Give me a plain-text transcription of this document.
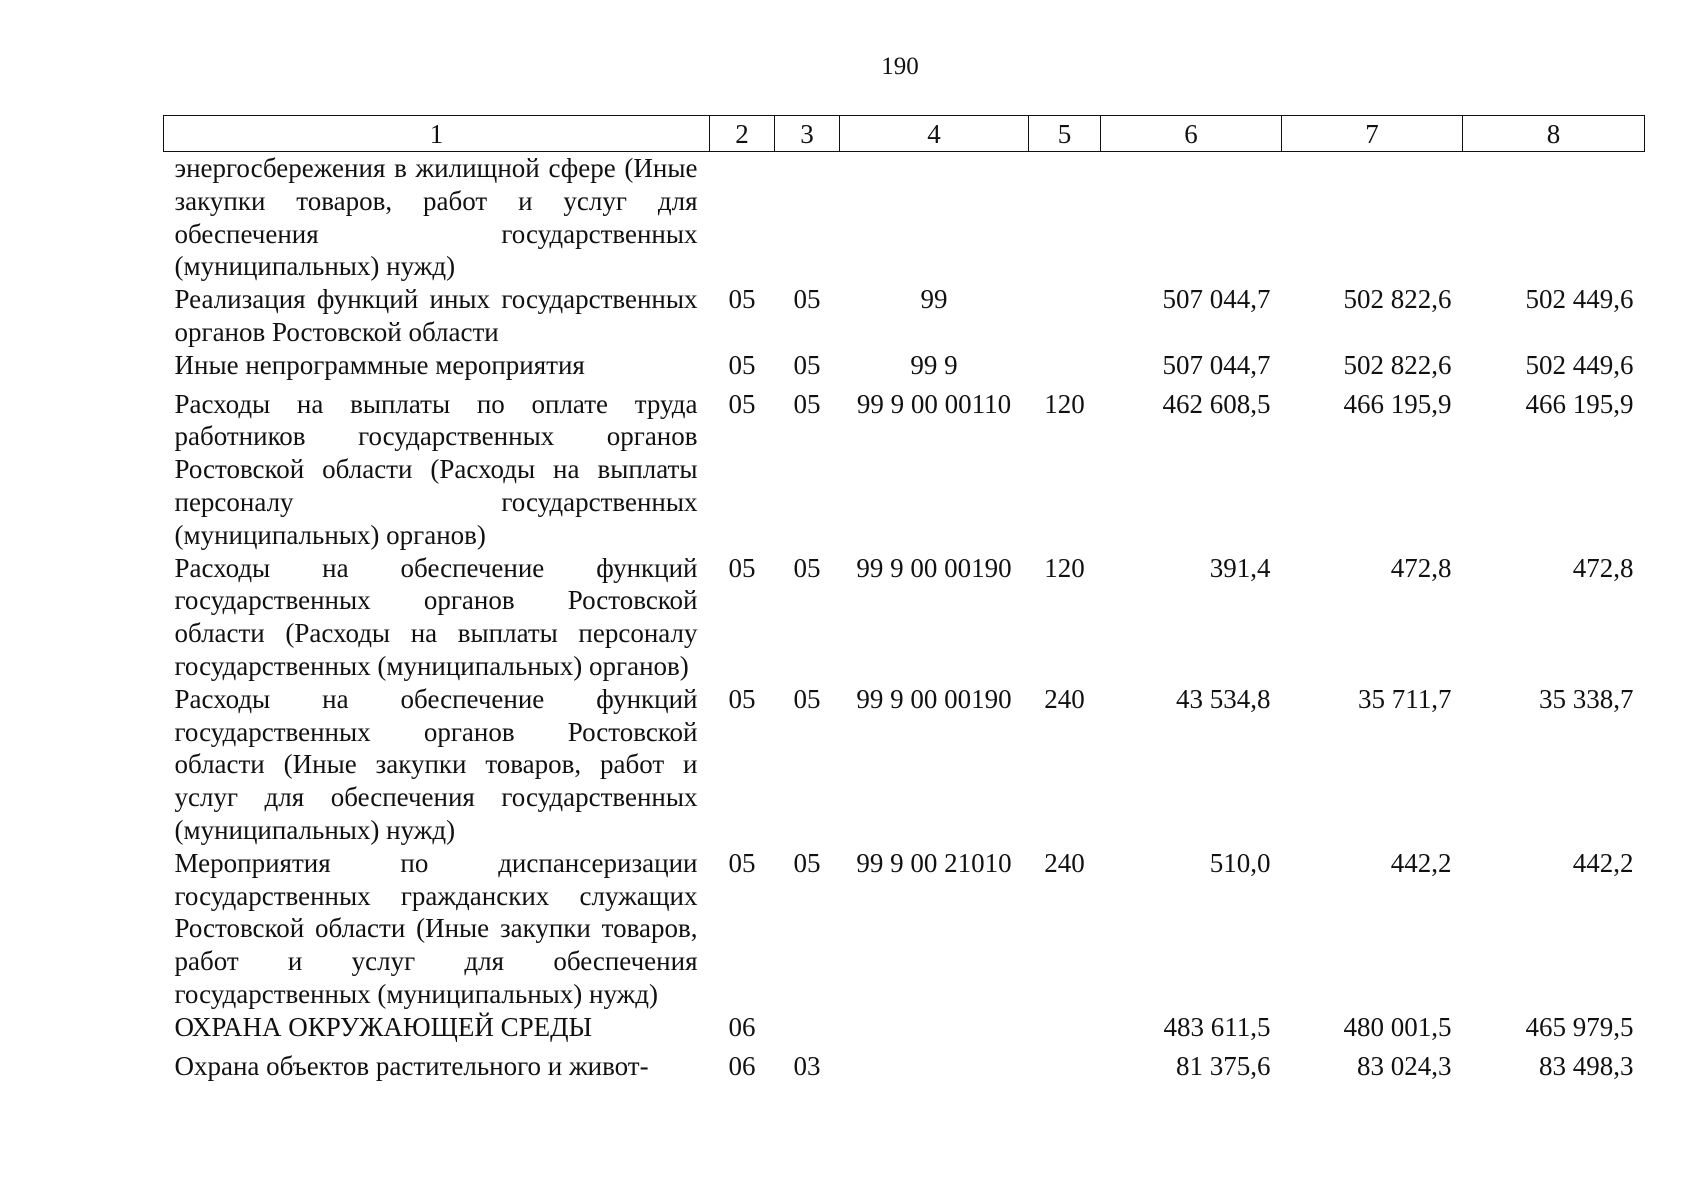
190
1	2	3	4	5	6	7	8
энергосбережения в жилищной сфере (Иные закупки товаров, работ и услуг для обеспечения государственных (муниципальных) нужд)							
Реализация функций иных государственных органов Ростовской области	05	05	99		507 044,7	502 822,6	502 449,6
Иные непрограммные мероприятия	05	05	99 9		507 044,7	502 822,6	502 449,6
Расходы на выплаты по оплате труда работников государственных органов Ростовской области (Расходы на выплаты персоналу государственных (муниципальных) органов)	05	05	99 9 00 00110	120	462 608,5	466 195,9	466 195,9
Расходы на обеспечение функций государственных органов Ростовской области (Расходы на выплаты персоналу государственных (муниципальных) органов)	05	05	99 9 00 00190	120	391,4	472,8	472,8
Расходы на обеспечение функций государственных органов Ростовской области (Иные закупки товаров, работ и услуг для обеспечения государственных (муниципальных) нужд)	05	05	99 9 00 00190	240	43 534,8	35 711,7	35 338,7
Мероприятия по диспансеризации государственных гражданских служащих Ростовской области (Иные закупки товаров, работ и услуг для обеспечения государственных (муниципальных) нужд)	05	05	99 9 00 21010	240	510,0	442,2	442,2
ОХРАНА ОКРУЖАЮЩЕЙ СРЕДЫ	06				483 611,5	480 001,5	465 979,5
Охрана объектов растительного и живот-	06	03			81 375,6	83 024,3	83 498,3
